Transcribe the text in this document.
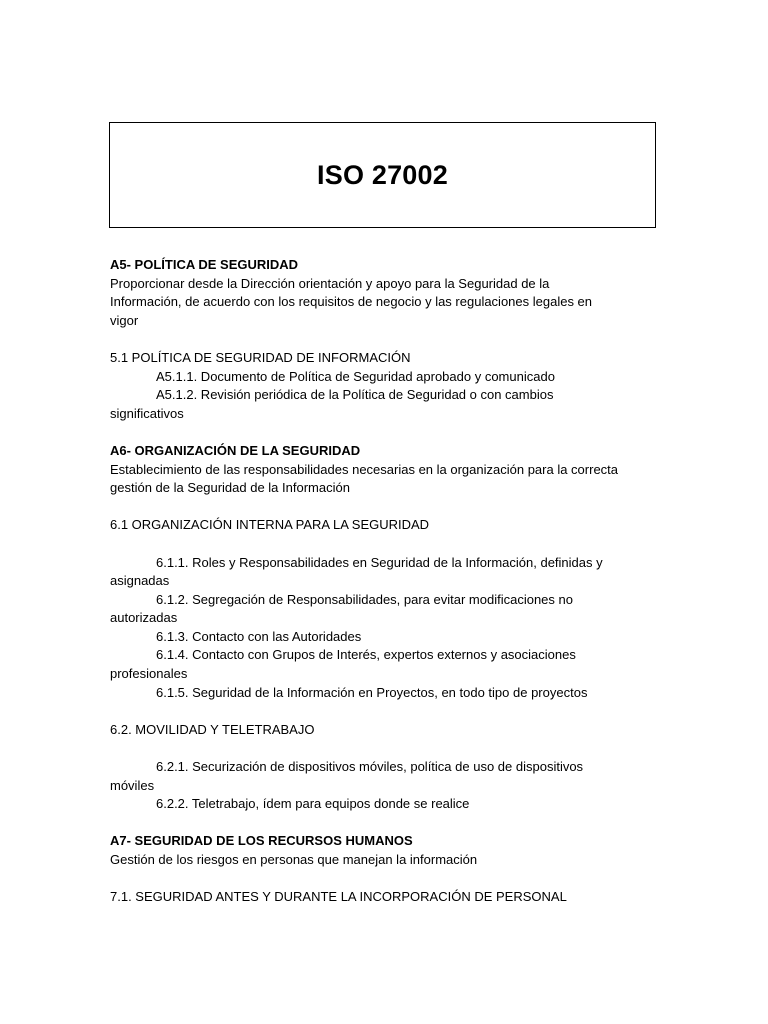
ISO 27002
A5- POLÍTICA DE SEGURIDAD
Proporcionar desde la Dirección orientación y apoyo para la Seguridad de la
Información, de acuerdo con los requisitos de negocio y las regulaciones legales en
vigor
5.1 POLÍTICA DE SEGURIDAD DE INFORMACIÓN
A5.1.1. Documento de Política de Seguridad aprobado y comunicado
A5.1.2. Revisión periódica de la Política de Seguridad o con cambios
significativos
A6- ORGANIZACIÓN DE LA SEGURIDAD
Establecimiento de las responsabilidades necesarias en la organización para la correcta
gestión de la Seguridad de la Información
6.1 ORGANIZACIÓN INTERNA PARA LA SEGURIDAD
6.1.1. Roles y Responsabilidades en Seguridad de la Información, definidas y
asignadas
6.1.2. Segregación de Responsabilidades, para evitar modificaciones no
autorizadas
6.1.3. Contacto con las Autoridades
6.1.4. Contacto con Grupos de Interés, expertos externos y asociaciones
profesionales
6.1.5. Seguridad de la Información en Proyectos, en todo tipo de proyectos
6.2. MOVILIDAD Y TELETRABAJO
6.2.1. Securización de dispositivos móviles, política de uso de dispositivos
móviles
6.2.2. Teletrabajo, ídem para equipos donde se realice
A7- SEGURIDAD DE LOS RECURSOS HUMANOS
Gestión de los riesgos en personas que manejan la información
7.1. SEGURIDAD ANTES Y DURANTE LA INCORPORACIÓN DE PERSONAL
